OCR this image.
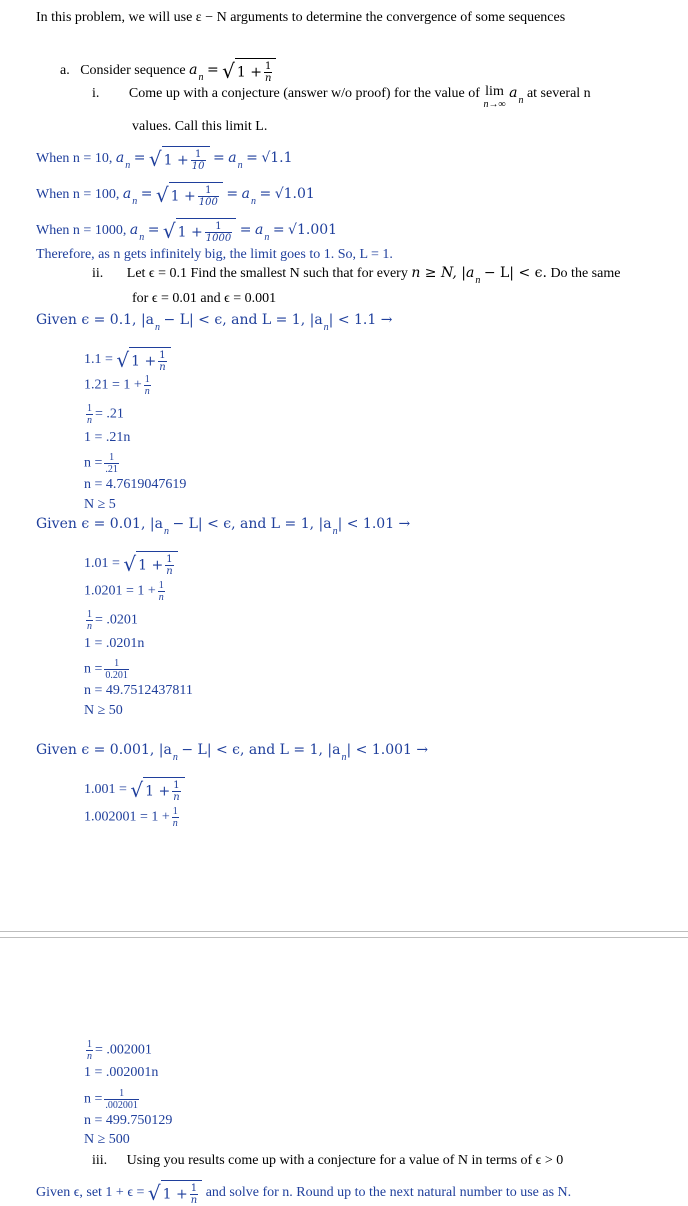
In this problem, we will use ε − N arguments to determine the convergence of some sequences
a. Consider sequence $a_n$ = √ $1 + \frac{1}{n}$
i. Come up with a conjecture (answer w/o proof) for the value of lim
n→∞
$a_n$ at several n
values. Call this limit L.
When n = 10, $a_n$ = √ $1 + \frac{1}{10} = a_n = √1.1$
When n = 100, $a_n$ = √ $1 + \frac{1}{100} = a_n = √1.01$
When n = 1000, $a_n$ = √ $1 + \frac{1}{1000} = a_n = √1.001$
Therefore, as n gets infinitely big, the limit goes to 1. So, L = 1.
ii. Let ϵ = 0.1 Find the smallest N such that for every n ≥ N, $|a_n - L| < \epsilon$. Do the same
for ϵ = 0.01 and ϵ = 0.001
Given ϵ = 0.1, $|a_n - L| < \epsilon$, and L = 1, $|a_n| < 1.1$ →
1.1 = √ $1 + \frac{1}{n}$
$1.21 = 1 + \frac{1}{n}$
$\frac{1}{n} = .21$
1 = .21n
$n = \frac{1}{.21}$
n = 4.7619047619
N ≥ 5
Given ϵ = 0.01, $|a_n - L| < \epsilon$, and L = 1, $|a_n| < 1.01$ →
1.01 = √ $1 + \frac{1}{n}$
$1.0201 = 1 + \frac{1}{n}$
$\frac{1}{n} = .0201$
1 = .0201n
$n = \frac{1}{0.201}$
n = 49.7512437811
N ≥ 50
Given ϵ = 0.001, $|a_n - L| < \epsilon$, and L = 1, $|a_n| < 1.001$ →
1.001 = √ $1 + \frac{1}{n}$
$1.002001 = 1 + \frac{1}{n}$
$\frac{1}{n} = .002001$
1 = .002001n
$n = \frac{1}{.002001}$
n = 499.750129
N ≥ 500
iii. Using you results come up with a conjecture for a value of N in terms of ϵ > 0
Given ϵ, set 1 + ϵ = √ $1 + \frac{1}{n}$ and solve for n. Round up to the next natural number to use as N.
